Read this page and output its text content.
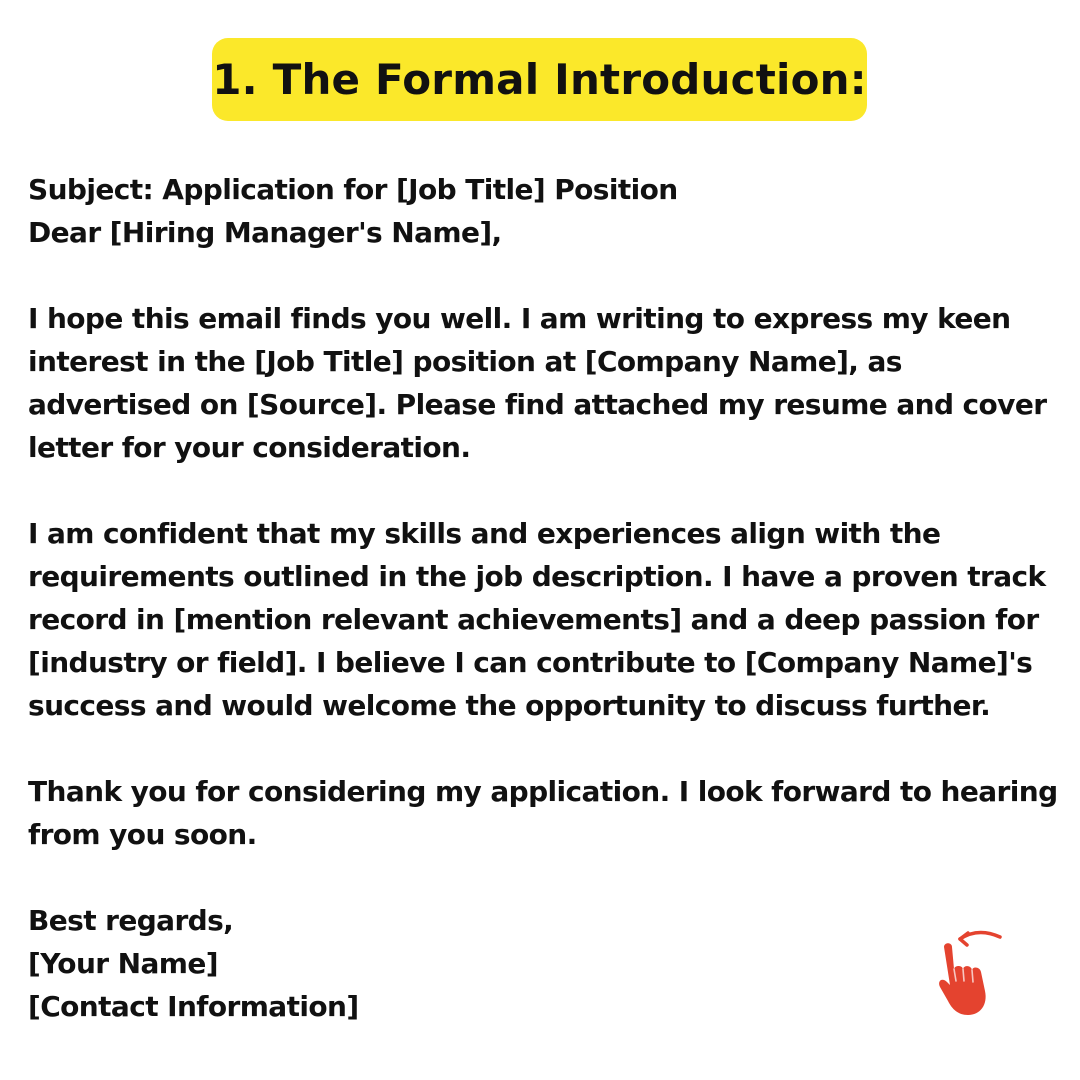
1. The Formal Introduction:
Subject: Application for [Job Title] Position
Dear [Hiring Manager's Name],
I hope this email finds you well. I am writing to express my keen
interest in the [Job Title] position at [Company Name], as
advertised on [Source]. Please find attached my resume and cover
letter for your consideration.
I am confident that my skills and experiences align with the
requirements outlined in the job description. I have a proven track
record in [mention relevant achievements] and a deep passion for
[industry or field]. I believe I can contribute to [Company Name]'s
success and would welcome the opportunity to discuss further.
Thank you for considering my application. I look forward to hearing
from you soon.
Best regards,
[Your Name]
[Contact Information]
